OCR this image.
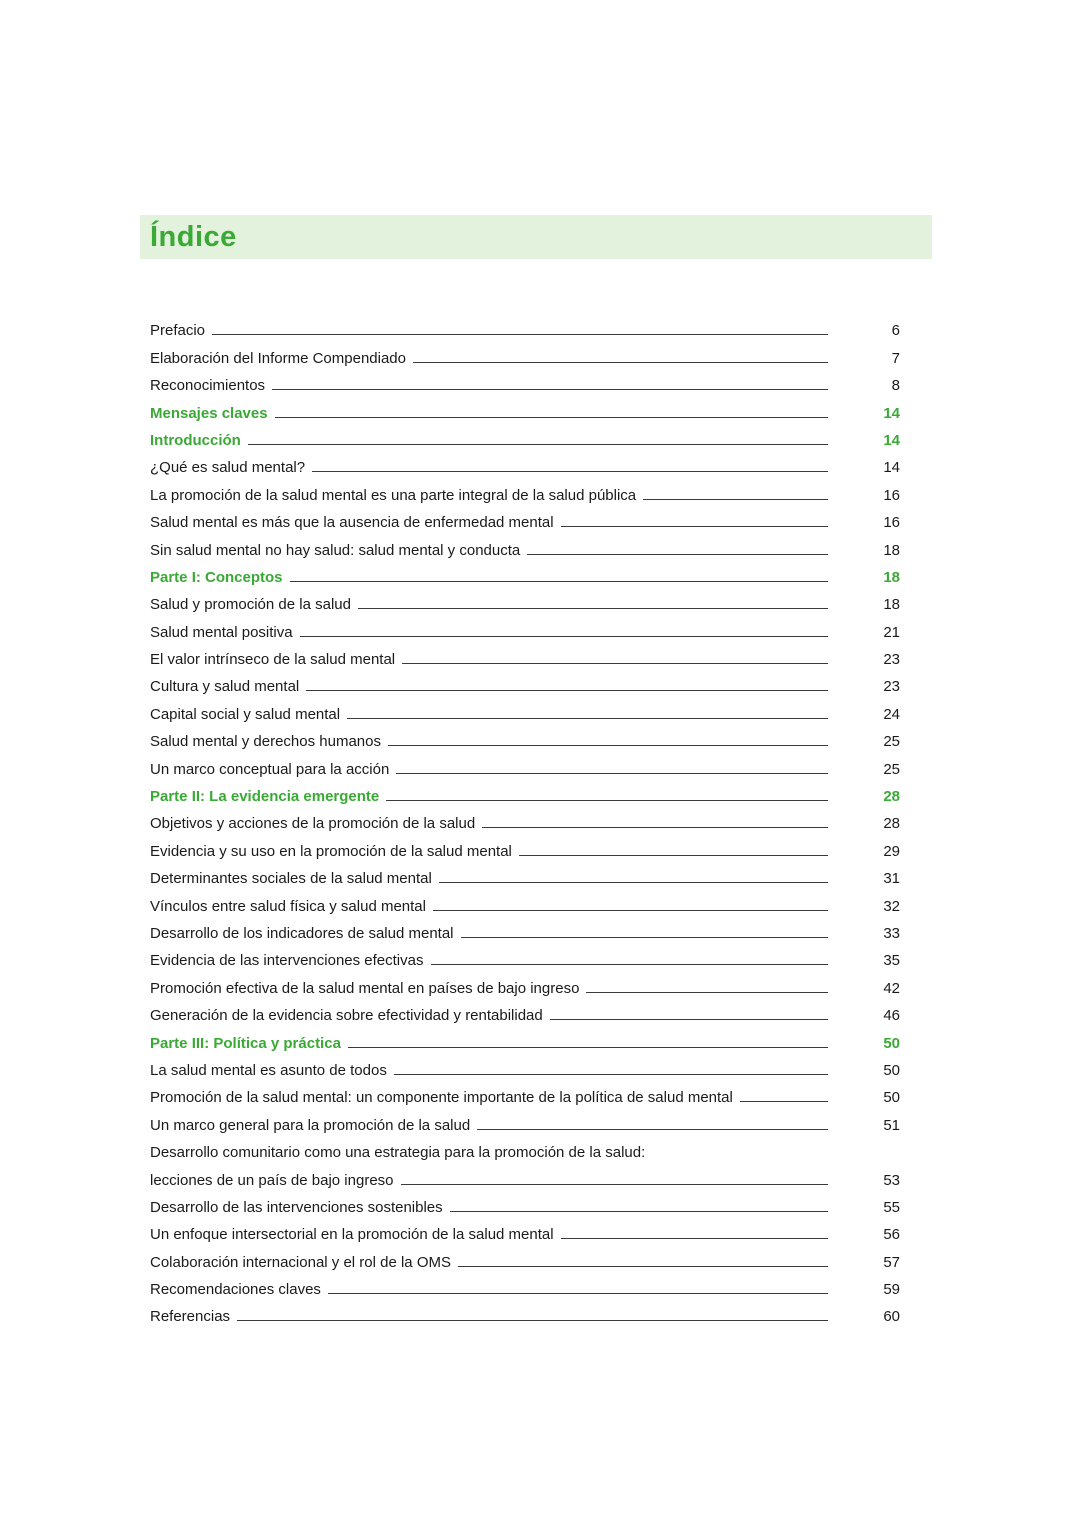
Índice
Prefacio	6
Elaboración del Informe Compendiado	7
Reconocimientos	8
Mensajes claves	14
Introducción	14
¿Qué es salud mental?	14
La promoción de la salud mental es una parte integral de la salud pública	16
Salud mental es más que la ausencia de enfermedad mental	16
Sin salud mental no hay salud: salud mental y conducta	18
Parte I: Conceptos	18
Salud y promoción de la salud	18
Salud mental positiva	21
El valor intrínseco de la salud mental	23
Cultura y salud mental	23
Capital social y salud mental	24
Salud mental y derechos humanos	25
Un marco conceptual para la acción	25
Parte II: La evidencia emergente	28
Objetivos y acciones de la promoción de la salud	28
Evidencia y su uso en la promoción de la salud mental	29
Determinantes sociales de la salud mental	31
Vínculos entre salud física y salud mental	32
Desarrollo de los indicadores de salud mental	33
Evidencia de las intervenciones efectivas	35
Promoción efectiva de la salud mental en países de bajo ingreso	42
Generación de la evidencia sobre efectividad y rentabilidad	46
Parte III: Política y práctica	50
La salud mental es asunto de todos	50
Promoción de la salud mental: un componente importante de la política de salud mental	50
Un marco general para la promoción de la salud	51
Desarrollo comunitario como una estrategia para la promoción de la salud:
lecciones de un país de bajo ingreso	53
Desarrollo de las intervenciones sostenibles	55
Un enfoque intersectorial en la promoción de la salud mental	56
Colaboración internacional y el rol de la OMS	57
Recomendaciones claves	59
Referencias	60
